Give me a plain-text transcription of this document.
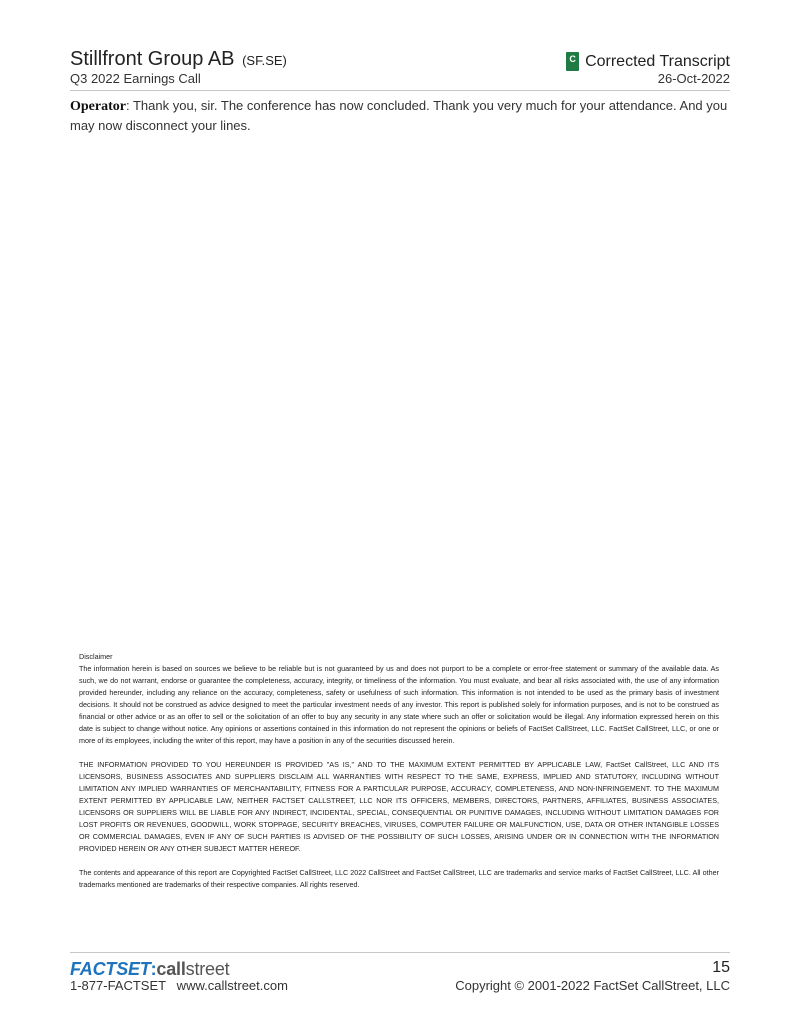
Stillfront Group AB (SF.SE)
Q3 2022 Earnings Call
C Corrected Transcript
26-Oct-2022
Operator: Thank you, sir. The conference has now concluded. Thank you very much for your attendance. And you may now disconnect your lines.

Disclaimer

The information herein is based on sources we believe to be reliable but is not guaranteed by us and does not purport to be a complete or error-free statement or summary of the available data. As such, we do not warrant, endorse or guarantee the completeness, accuracy, integrity, or timeliness of the information. You must evaluate, and bear all risks associated with, the use of any information provided hereunder, including any reliance on the accuracy, completeness, safety or usefulness of such information. This information is not intended to be used as the primary basis of investment decisions. It should not be construed as advice designed to meet the particular investment needs of any investor. This report is published solely for information purposes, and is not to be construed as financial or other advice or as an offer to sell or the solicitation of an offer to buy any security in any state where such an offer or solicitation would be illegal. Any information expressed herein on this date is subject to change without notice. Any opinions or assertions contained in this information do not represent the opinions or beliefs of FactSet CallStreet, LLC. FactSet CallStreet, LLC, or one or more of its employees, including the writer of this report, may have a position in any of the securities discussed herein.

THE INFORMATION PROVIDED TO YOU HEREUNDER IS PROVIDED "AS IS," AND TO THE MAXIMUM EXTENT PERMITTED BY APPLICABLE LAW, FactSet CallStreet, LLC AND ITS LICENSORS, BUSINESS ASSOCIATES AND SUPPLIERS DISCLAIM ALL WARRANTIES WITH RESPECT TO THE SAME, EXPRESS, IMPLIED AND STATUTORY, INCLUDING WITHOUT LIMITATION ANY IMPLIED WARRANTIES OF MERCHANTABILITY, FITNESS FOR A PARTICULAR PURPOSE, ACCURACY, COMPLETENESS, AND NON-INFRINGEMENT. TO THE MAXIMUM EXTENT PERMITTED BY APPLICABLE LAW, NEITHER FACTSET CALLSTREET, LLC NOR ITS OFFICERS, MEMBERS, DIRECTORS, PARTNERS, AFFILIATES, BUSINESS ASSOCIATES, LICENSORS OR SUPPLIERS WILL BE LIABLE FOR ANY INDIRECT, INCIDENTAL, SPECIAL, CONSEQUENTIAL OR PUNITIVE DAMAGES, INCLUDING WITHOUT LIMITATION DAMAGES FOR LOST PROFITS OR REVENUES, GOODWILL, WORK STOPPAGE, SECURITY BREACHES, VIRUSES, COMPUTER FAILURE OR MALFUNCTION, USE, DATA OR OTHER INTANGIBLE LOSSES OR COMMERCIAL DAMAGES, EVEN IF ANY OF SUCH PARTIES IS ADVISED OF THE POSSIBILITY OF SUCH LOSSES, ARISING UNDER OR IN CONNECTION WITH THE INFORMATION PROVIDED HEREIN OR ANY OTHER SUBJECT MATTER HEREOF.

The contents and appearance of this report are Copyrighted FactSet CallStreet, LLC 2022 CallStreet and FactSet CallStreet, LLC are trademarks and service marks of FactSet CallStreet, LLC. All other trademarks mentioned are trademarks of their respective companies. All rights reserved.

FACTSET:callstreet
1-877-FACTSET   www.callstreet.com
15
Copyright © 2001-2022 FactSet CallStreet, LLC
